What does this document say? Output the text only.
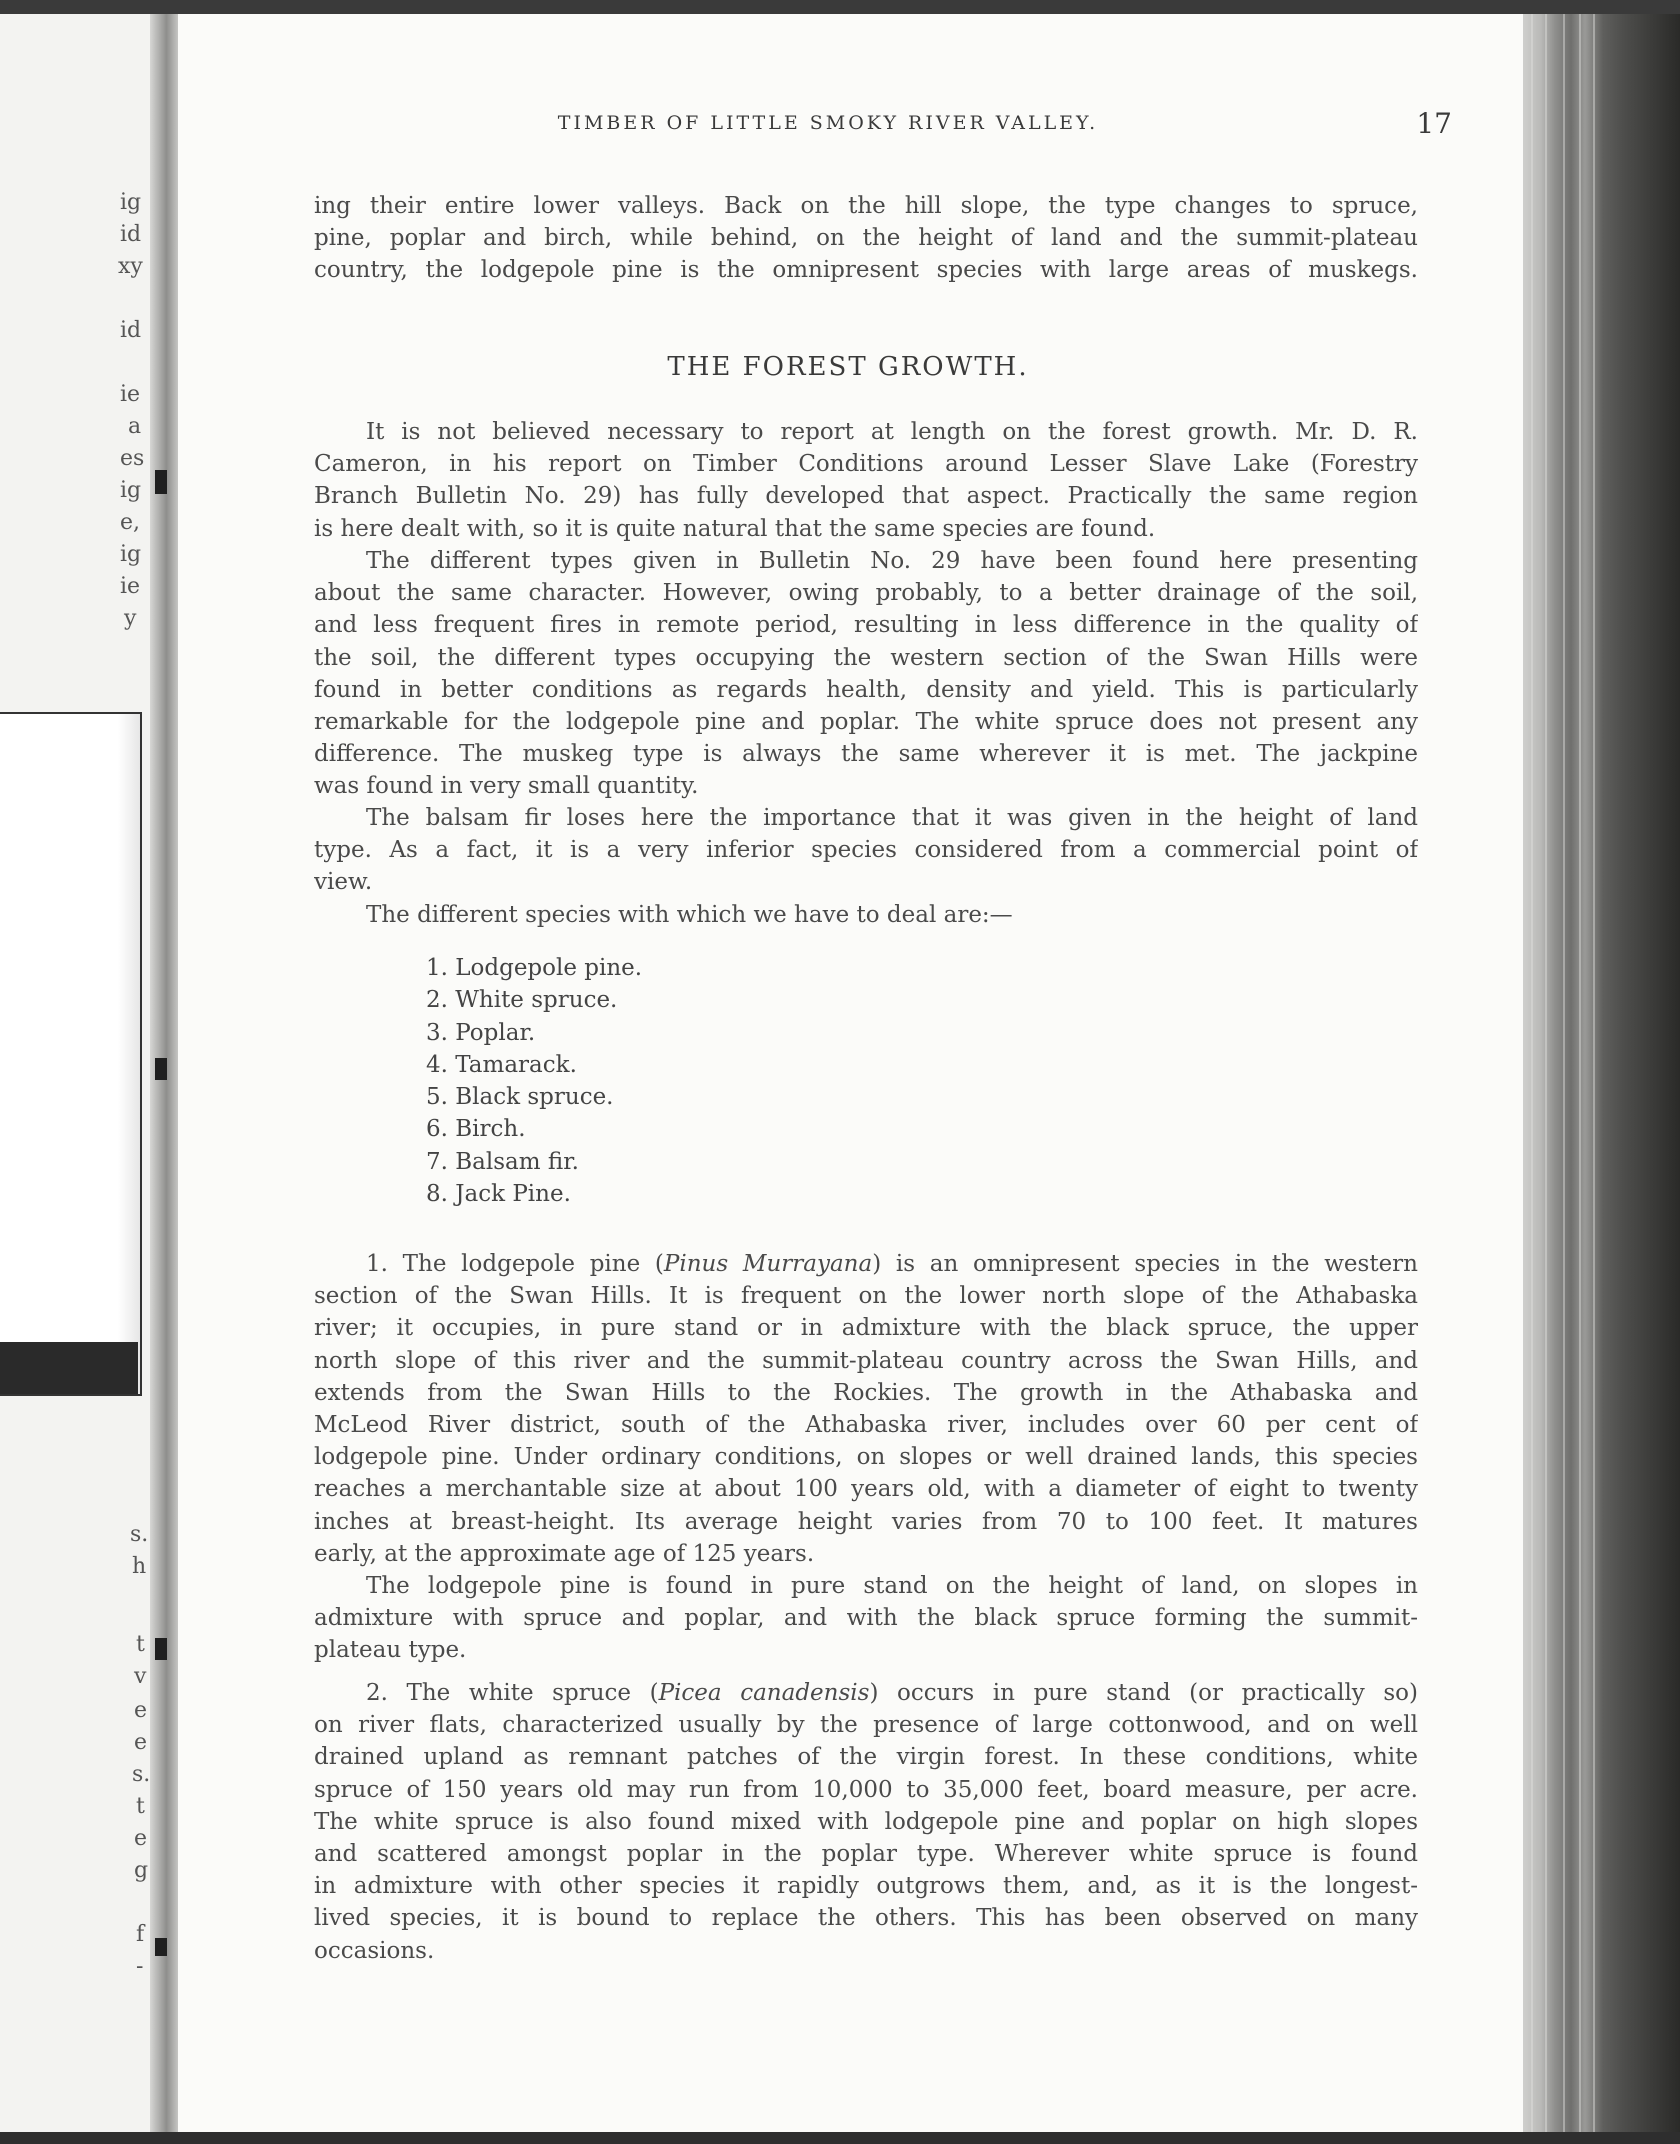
ig
id
xy
id
ie
a
es
ig
e,
ig
ie
y
s.
h
t
v
e
e
s.
t
e
g
f
-
TIMBER OF LITTLE SMOKY RIVER VALLEY.	17
ing their entire lower valleys. Back on the hill slope, the type changes to spruce,
pine, poplar and birch, while behind, on the height of land and the summit-plateau
country, the lodgepole pine is the omnipresent species with large areas of muskegs.
THE FOREST GROWTH.
It is not believed necessary to report at length on the forest growth. Mr. D. R.
Cameron, in his report on Timber Conditions around Lesser Slave Lake (Forestry
Branch Bulletin No. 29) has fully developed that aspect. Practically the same region
is here dealt with, so it is quite natural that the same species are found.
The different types given in Bulletin No. 29 have been found here presenting
about the same character. However, owing probably, to a better drainage of the soil,
and less frequent fires in remote period, resulting in less difference in the quality of
the soil, the different types occupying the western section of the Swan Hills were
found in better conditions as regards health, density and yield. This is particularly
remarkable for the lodgepole pine and poplar. The white spruce does not present any
difference. The muskeg type is always the same wherever it is met. The jackpine
was found in very small quantity.
The balsam fir loses here the importance that it was given in the height of land
type. As a fact, it is a very inferior species considered from a commercial point of
view.
The different species with which we have to deal are:—
1. Lodgepole pine.
2. White spruce.
3. Poplar.
4. Tamarack.
5. Black spruce.
6. Birch.
7. Balsam fir.
8. Jack Pine.
1. The lodgepole pine (Pinus Murrayana) is an omnipresent species in the western
section of the Swan Hills. It is frequent on the lower north slope of the Athabaska
river; it occupies, in pure stand or in admixture with the black spruce, the upper
north slope of this river and the summit-plateau country across the Swan Hills, and
extends from the Swan Hills to the Rockies. The growth in the Athabaska and
McLeod River district, south of the Athabaska river, includes over 60 per cent of
lodgepole pine. Under ordinary conditions, on slopes or well drained lands, this species
reaches a merchantable size at about 100 years old, with a diameter of eight to twenty
inches at breast-height. Its average height varies from 70 to 100 feet. It matures
early, at the approximate age of 125 years.
The lodgepole pine is found in pure stand on the height of land, on slopes in
admixture with spruce and poplar, and with the black spruce forming the summit-
plateau type.
2. The white spruce (Picea canadensis) occurs in pure stand (or practically so)
on river flats, characterized usually by the presence of large cottonwood, and on well
drained upland as remnant patches of the virgin forest. In these conditions, white
spruce of 150 years old may run from 10,000 to 35,000 feet, board measure, per acre.
The white spruce is also found mixed with lodgepole pine and poplar on high slopes
and scattered amongst poplar in the poplar type. Wherever white spruce is found
in admixture with other species it rapidly outgrows them, and, as it is the longest-
lived species, it is bound to replace the others. This has been observed on many
occasions.
